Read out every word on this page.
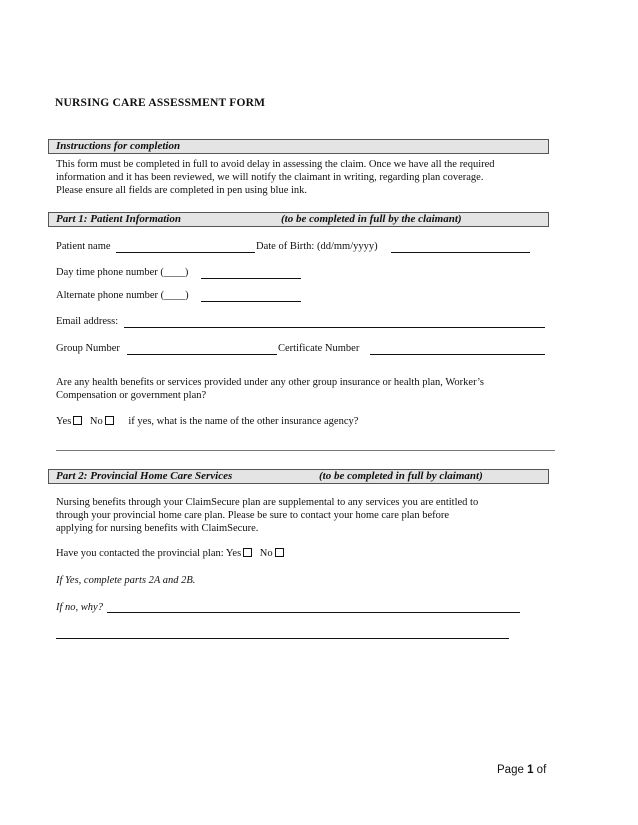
NURSING CARE ASSESSMENT FORM
Instructions for completion
This form must be completed in full to avoid delay in assessing the claim. Once we have all the required
information and it has been reviewed, we will notify the claimant in writing, regarding plan coverage.
Please ensure all fields are completed in pen using blue ink.
Part 1: Patient Information	(to be completed in full by the claimant)
Patient name	Date of Birth: (dd/mm/yyyy)
Day time phone number (____)
Alternate phone number (____)
Email address:
Group Number	Certificate Number
Are any health benefits or services provided under any other group insurance or health plan, Worker’s
Compensation or government plan?
Yes No if yes, what is the name of the other insurance agency?
Part 2: Provincial Home Care Services	(to be completed in full by claimant)
Nursing benefits through your ClaimSecure plan are supplemental to any services you are entitled to
through your provincial home care plan. Please be sure to contact your home care plan before
applying for nursing benefits with ClaimSecure.
Have you contacted the provincial plan: Yes No
If Yes, complete parts 2A and 2B.
If no, why?
Page 1 of
